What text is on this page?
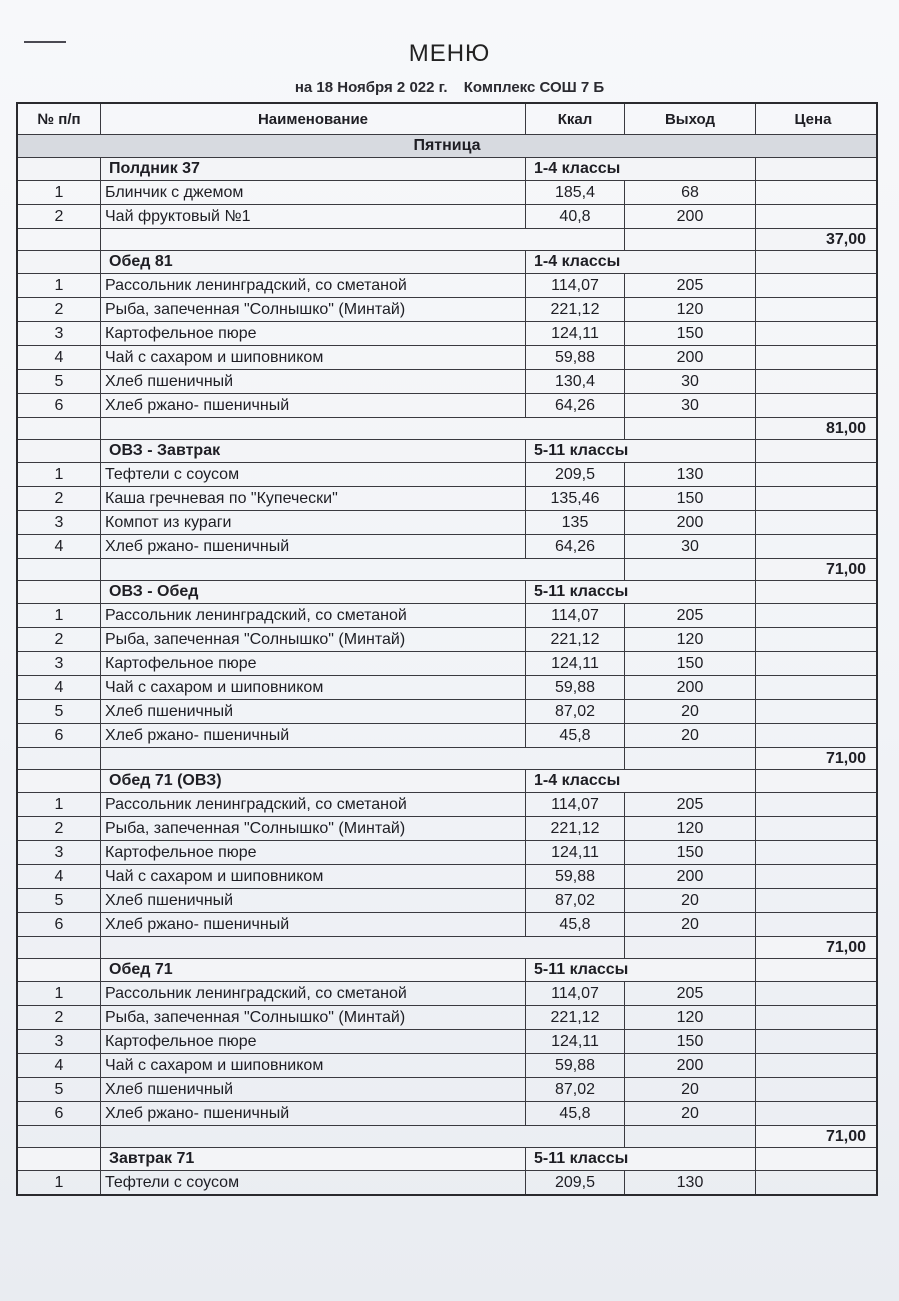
МЕНЮ
на 18 Ноября 2 022 г. Комплекс СОШ 7 Б
№ п/п	Наименование	Ккал	Выход	Цена
Пятница				
	Полдник 37	1-4 классы		
1	Блинчик с джемом	185,4	68	
2	Чай фруктовый №1	40,8	200	
				37,00
	Обед 81	1-4 классы		
1	Рассольник ленинградский, со сметаной	114,07	205	
2	Рыба, запеченная "Солнышко" (Минтай)	221,12	120	
3	Картофельное пюре	124,11	150	
4	Чай с сахаром и шиповником	59,88	200	
5	Хлеб пшеничный	130,4	30	
6	Хлеб ржано- пшеничный	64,26	30	
				81,00
	ОВЗ - Завтрак	5-11 классы		
1	Тефтели с соусом	209,5	130	
2	Каша гречневая по "Купечески"	135,46	150	
3	Компот из кураги	135	200	
4	Хлеб ржано- пшеничный	64,26	30	
				71,00
	ОВЗ - Обед	5-11 классы		
1	Рассольник ленинградский, со сметаной	114,07	205	
2	Рыба, запеченная "Солнышко" (Минтай)	221,12	120	
3	Картофельное пюре	124,11	150	
4	Чай с сахаром и шиповником	59,88	200	
5	Хлеб пшеничный	87,02	20	
6	Хлеб ржано- пшеничный	45,8	20	
				71,00
	Обед 71 (ОВЗ)	1-4 классы		
1	Рассольник ленинградский, со сметаной	114,07	205	
2	Рыба, запеченная "Солнышко" (Минтай)	221,12	120	
3	Картофельное пюре	124,11	150	
4	Чай с сахаром и шиповником	59,88	200	
5	Хлеб пшеничный	87,02	20	
6	Хлеб ржано- пшеничный	45,8	20	
				71,00
	Обед 71	5-11 классы		
1	Рассольник ленинградский, со сметаной	114,07	205	
2	Рыба, запеченная "Солнышко" (Минтай)	221,12	120	
3	Картофельное пюре	124,11	150	
4	Чай с сахаром и шиповником	59,88	200	
5	Хлеб пшеничный	87,02	20	
6	Хлеб ржано- пшеничный	45,8	20	
				71,00
	Завтрак 71	5-11 классы		
1	Тефтели с соусом	209,5	130	
